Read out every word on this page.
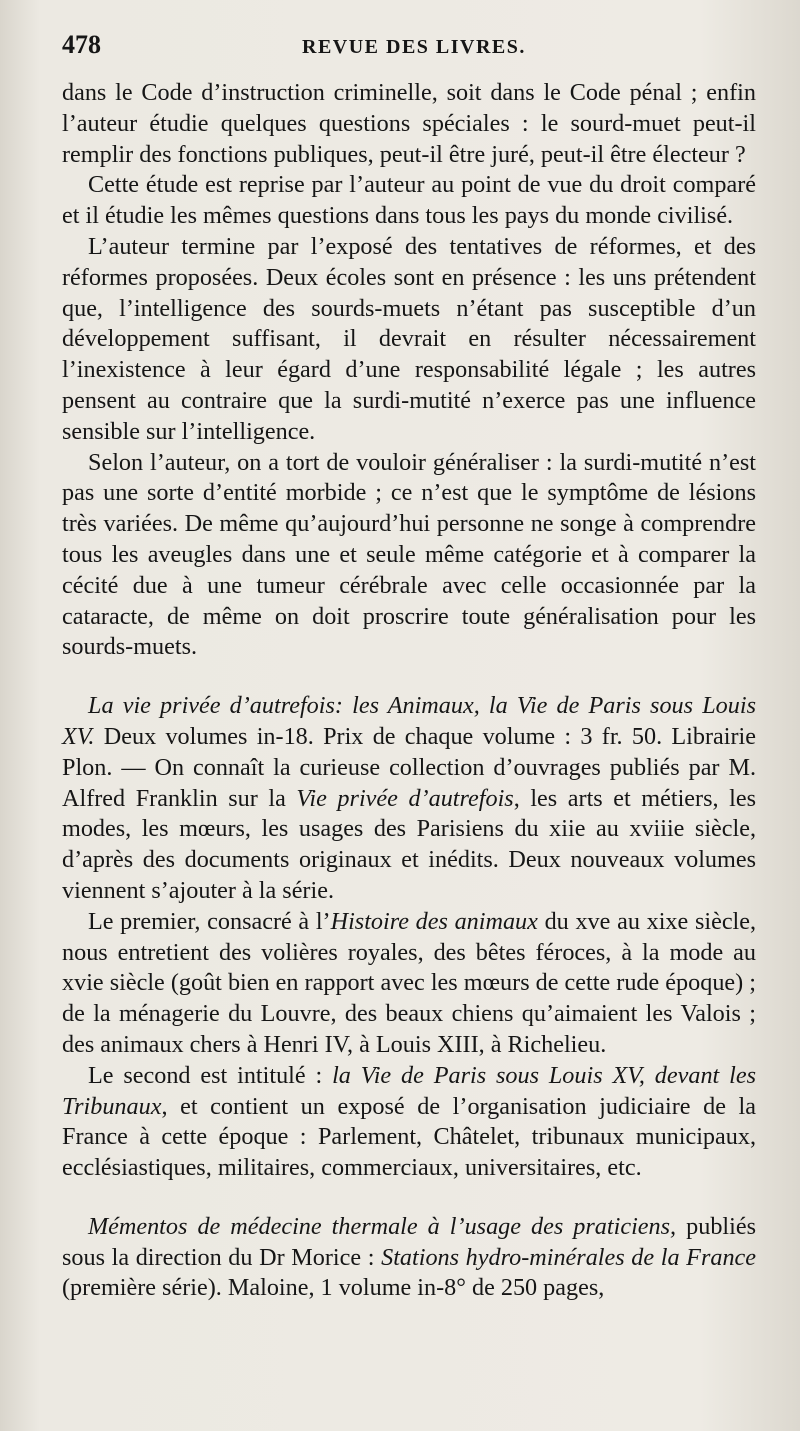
478	REVUE DES LIVRES.

dans le Code d’instruction criminelle, soit dans le Code pénal ; enfin l’auteur étudie quelques questions spéciales : le sourd-muet peut-il remplir des fonctions publiques, peut-il être juré, peut-il être électeur ?

Cette étude est reprise par l’auteur au point de vue du droit comparé et il étudie les mêmes questions dans tous les pays du monde civilisé.

L’auteur termine par l’exposé des tentatives de réformes, et des réformes proposées. Deux écoles sont en présence : les uns prétendent que, l’intelligence des sourds-muets n’étant pas susceptible d’un développement suffisant, il devrait en résulter nécessairement l’inexistence à leur égard d’une responsabilité légale ; les autres pensent au contraire que la surdi-mutité n’exerce pas une influence sensible sur l’intelligence.

Selon l’auteur, on a tort de vouloir généraliser : la surdi-mutité n’est pas une sorte d’entité morbide ; ce n’est que le symptôme de lésions très variées. De même qu’aujourd’hui personne ne songe à comprendre tous les aveugles dans une et seule même catégorie et à comparer la cécité due à une tumeur cérébrale avec celle occasionnée par la cataracte, de même on doit proscrire toute généralisation pour les sourds-muets.

La vie privée d’autrefois: les Animaux, la Vie de Paris sous Louis XV. Deux volumes in-18. Prix de chaque volume : 3 fr. 50. Librairie Plon. — On connaît la curieuse collection d’ouvrages publiés par M. Alfred Franklin sur la Vie privée d’autrefois, les arts et métiers, les modes, les mœurs, les usages des Parisiens du xiie au xviiie siècle, d’après des documents originaux et inédits. Deux nouveaux volumes viennent s’ajouter à la série.

Le premier, consacré à l’Histoire des animaux du xve au xixe siècle, nous entretient des volières royales, des bêtes féroces, à la mode au xvie siècle (goût bien en rapport avec les mœurs de cette rude époque) ; de la ménagerie du Louvre, des beaux chiens qu’aimaient les Valois ; des animaux chers à Henri IV, à Louis XIII, à Richelieu.

Le second est intitulé : la Vie de Paris sous Louis XV, devant les Tribunaux, et contient un exposé de l’organisation judiciaire de la France à cette époque : Parlement, Châtelet, tribunaux municipaux, ecclésiastiques, militaires, commerciaux, universitaires, etc.

Mémentos de médecine thermale à l’usage des praticiens, publiés sous la direction du Dr Morice : Stations hydro-minérales de la France (première série). Maloine, 1 volume in-8° de 250 pages,
